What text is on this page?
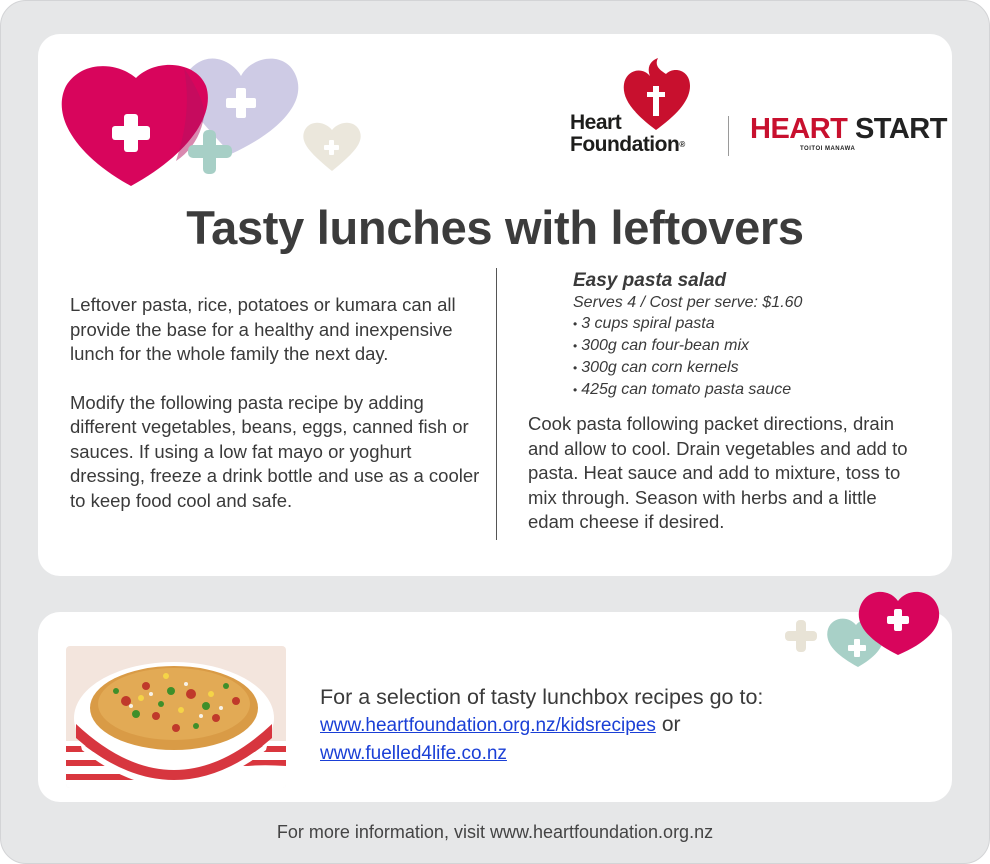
Heart
Foundation® HEART START
TOITOI MANAWA
Tasty lunches with leftovers

Leftover pasta, rice, potatoes or kumara can all provide the base for a healthy and inexpensive lunch for the whole family the next day.

Modify the following pasta recipe by adding different vegetables, beans, eggs, canned fish or sauces. If using a low fat mayo or yoghurt dressing, freeze a drink bottle and use as a cooler to keep food cool and safe.

Easy pasta salad
Serves 4 / Cost per serve: $1.60
• 3 cups spiral pasta
• 300g can four-bean mix
• 300g can corn kernels
• 425g can tomato pasta sauce
Cook pasta following packet directions, drain and allow to cool. Drain vegetables and add to pasta. Heat sauce and add to mixture, toss to mix through. Season with herbs and a little edam cheese if desired.
For a selection of tasty lunchbox recipes go to:
www.heartfoundation.org.nz/kidsrecipes or
www.fuelled4life.co.nz
For more information, visit www.heartfoundation.org.nz
